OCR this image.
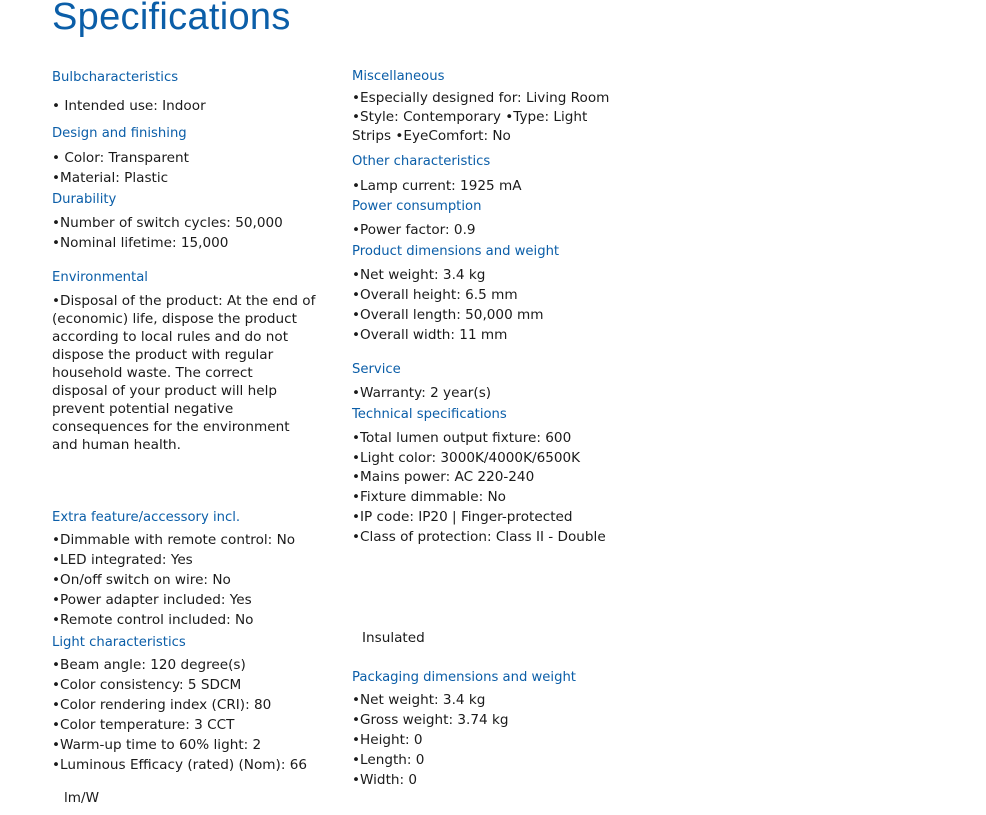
Specifications
Bulbcharacteristics
• Intended use: Indoor
Design and finishing
• Color: Transparent
•Material: Plastic
Durability
•Number of switch cycles: 50,000
•Nominal lifetime: 15,000
Environmental
•Disposal of the product: At the end of
(economic) life, dispose the product
according to local rules and do not
dispose the product with regular
household waste. The correct
disposal of your product will help
prevent potential negative
consequences for the environment
and human health.
Extra feature/accessory incl.
•Dimmable with remote control: No
•LED integrated: Yes
•On/off switch on wire: No
•Power adapter included: Yes
•Remote control included: No
Light characteristics
•Beam angle: 120 degree(s)
•Color consistency: 5 SDCM
•Color rendering index (CRI): 80
•Color temperature: 3 CCT
•Warm-up time to 60% light: 2
•Luminous Efficacy (rated) (Nom): 66
lm/W
Miscellaneous
•Especially designed for: Living Room
•Style: Contemporary •Type: Light
Strips •EyeComfort: No
Other characteristics
•Lamp current: 1925 mA
Power consumption
•Power factor: 0.9
Product dimensions and weight
•Net weight: 3.4 kg
•Overall height: 6.5 mm
•Overall length: 50,000 mm
•Overall width: 11 mm
Service
•Warranty: 2 year(s)
Technical specifications
•Total lumen output fixture: 600
•Light color: 3000K/4000K/6500K
•Mains power: AC 220-240
•Fixture dimmable: No
•IP code: IP20 | Finger-protected
•Class of protection: Class II - Double
Insulated
Packaging dimensions and weight
•Net weight: 3.4 kg
•Gross weight: 3.74 kg
•Height: 0
•Length: 0
•Width: 0
